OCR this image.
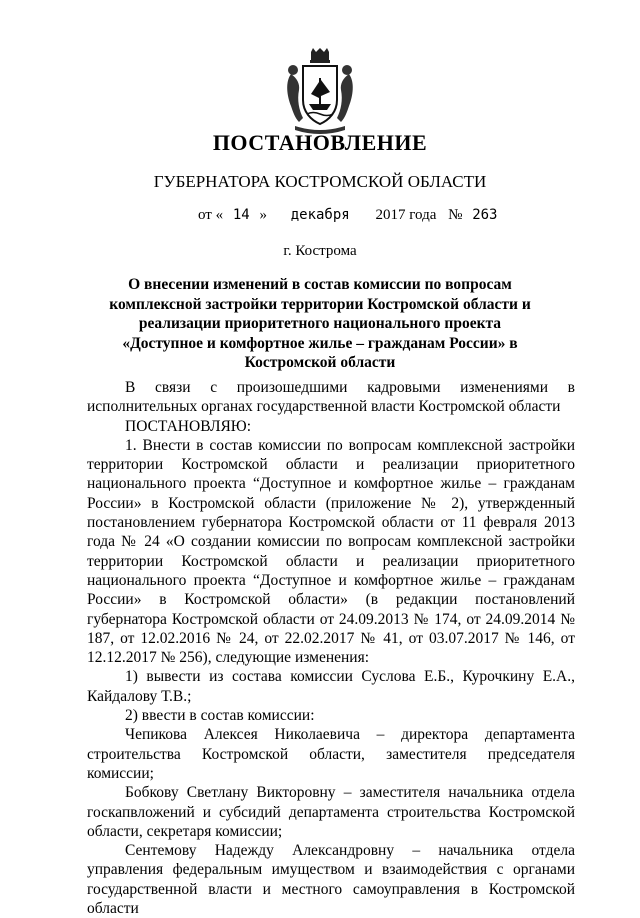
ПОСТАНОВЛЕНИЕ
ГУБЕРНАТОРА КОСТРОМСКОЙ ОБЛАСТИ
от « 14 » декабря 2017 года № 263
г. Кострома
О внесении изменений в состав комиссии по вопросам комплексной застройки территории Костромской области и реализации приоритетного национального проекта «Доступное и комфортное жилье – гражданам России» в Костромской области

В связи с произошедшими кадровыми изменениями в исполнительных органах государственной власти Костромской области

ПОСТАНОВЛЯЮ:

1. Внести в состав комиссии по вопросам комплексной застройки территории Костромской области и реализации приоритетного национального проекта “Доступное и комфортное жилье – гражданам России» в Костромской области (приложение № 2), утвержденный постановлением губернатора Костромской области от 11 февраля 2013 года № 24 «О создании комиссии по вопросам комплексной застройки территории Костромской области и реализации приоритетного национального проекта “Доступное и комфортное жилье – гражданам России» в Костромской области» (в редакции постановлений губернатора Костромской области от 24.09.2013 № 174, от 24.09.2014 № 187, от 12.02.2016 № 24, от 22.02.2017 № 41, от 03.07.2017 № 146, от 12.12.2017 № 256), следующие изменения:

1) вывести из состава комиссии Суслова Е.Б., Курочкину Е.А., Кайдалову Т.В.;

2) ввести в состав комиссии:

Чепикова Алексея Николаевича – директора департамента строительства Костромской области, заместителя председателя комиссии;

Бобкову Светлану Викторовну – заместителя начальника отдела госкапвложений и субсидий департамента строительства Костромской области, секретаря комиссии;

Сентемову Надежду Александровну – начальника отдела управления федеральным имуществом и взаимодействия с органами государственной власти и местного самоуправления в Костромской области
